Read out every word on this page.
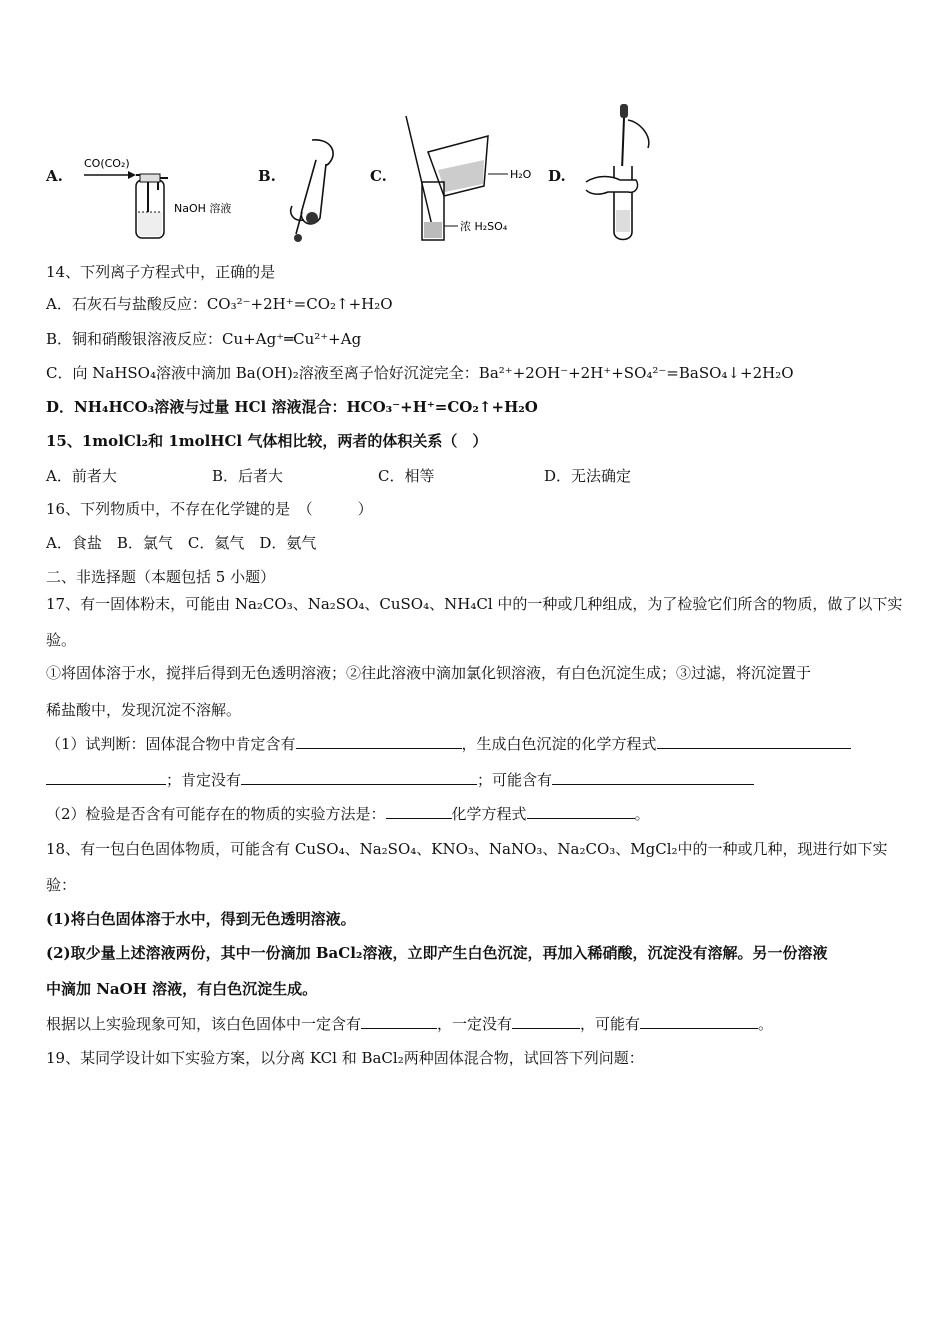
A.
CO(CO₂)
NaOH 溶液
B.	C.	H₂O
浓 H₂SO₄
D.
14、下列离子方程式中，正确的是
A．石灰石与盐酸反应：CO₃²⁻+2H⁺=CO₂↑+H₂O
B．铜和硝酸银溶液反应：Cu+Ag⁺═Cu²⁺+Ag
C．向 NaHSO₄溶液中滴加 Ba(OH)₂溶液至离子恰好沉淀完全：Ba²⁺+2OH⁻+2H⁺+SO₄²⁻=BaSO₄↓+2H₂O
D．NH₄HCO₃溶液与过量 HCl 溶液混合：HCO₃⁻+H⁺=CO₂↑+H₂O
15、1molCl₂和 1molHCl 气体相比较，两者的体积关系（　）
A．前者大	B．后者大	C．相等	D．无法确定
16、下列物质中，不存在化学键的是　（　　　）
A．食盐　B．氯气　C．氦气　D．氨气
二、非选择题（本题包括 5 小题）
17、有一固体粉末，可能由 Na₂CO₃、Na₂SO₄、CuSO₄、NH₄Cl 中的一种或几种组成，为了检验它们所含的物质，做了以下实
验。
①将固体溶于水，搅拌后得到无色透明溶液；②往此溶液中滴加氯化钡溶液，有白色沉淀生成；③过滤，将沉淀置于
稀盐酸中，发现沉淀不溶解。
（1）试判断：固体混合物中肯定含有	，生成白色沉淀的化学方程式
；肯定没有	；可能含有
（2）检验是否含有可能存在的物质的实验方法是：	化学方程式	。
18、有一包白色固体物质，可能含有 CuSO₄、Na₂SO₄、KNO₃、NaNO₃、Na₂CO₃、MgCl₂中的一种或几种，现进行如下实
验：
(1)将白色固体溶于水中，得到无色透明溶液。
(2)取少量上述溶液两份，其中一份滴加 BaCl₂溶液，立即产生白色沉淀，再加入稀硝酸，沉淀没有溶解。另一份溶液
中滴加 NaOH 溶液，有白色沉淀生成。
根据以上实验现象可知，该白色固体中一定含有	，一定没有	，可能有	。
19、某同学设计如下实验方案，以分离 KCl 和 BaCl₂两种固体混合物，试回答下列问题：
